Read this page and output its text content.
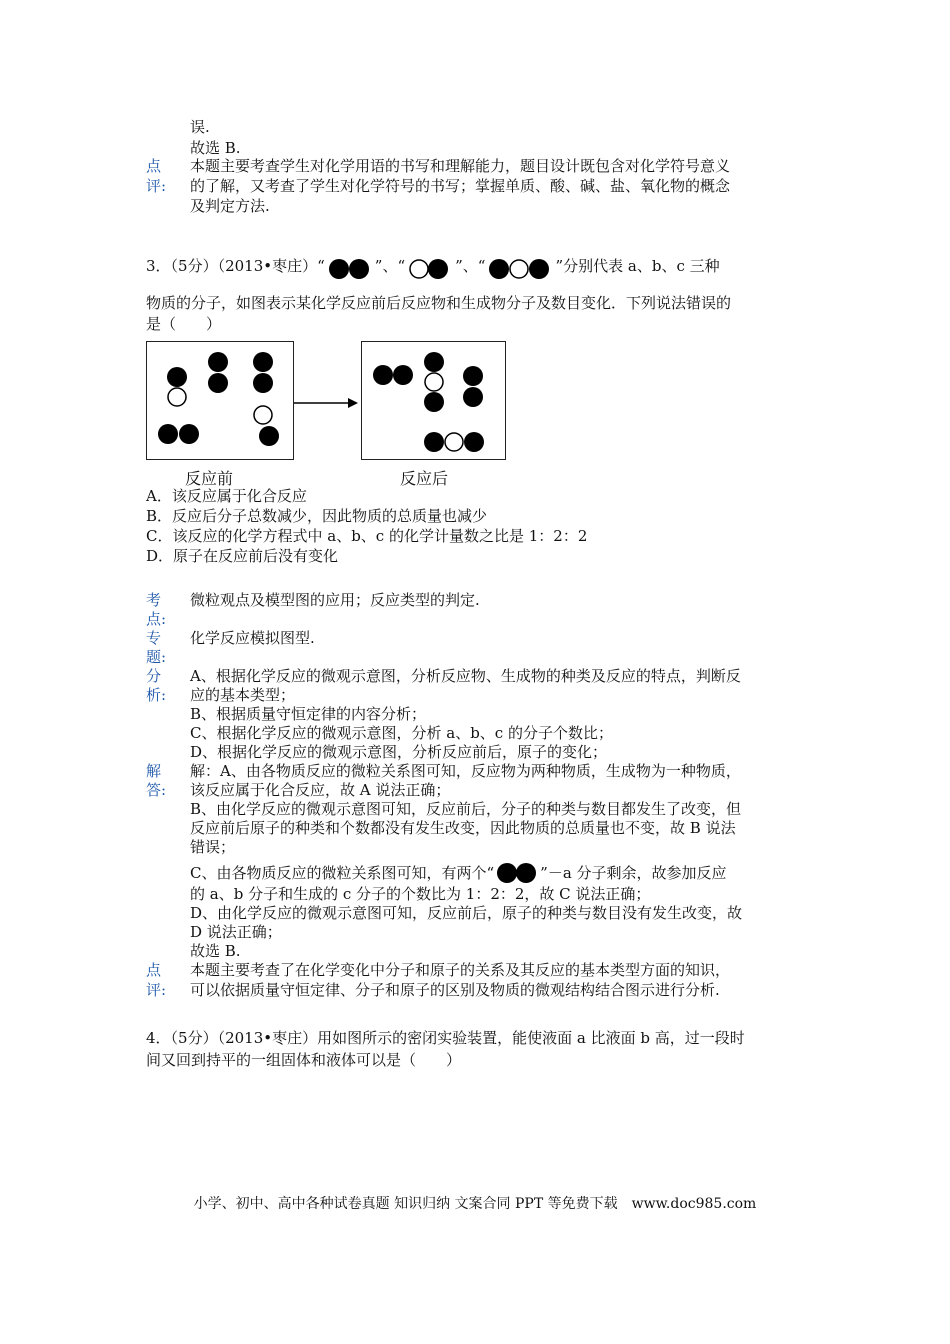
误.
故选 B.
点
评:
本题主要考查学生对化学用语的书写和理解能力，题目设计既包含对化学符号意义
的了解，又考查了学生对化学符号的书写；掌握单质、酸、碱、盐、氧化物的概念
及判定方法.
3．（5分）（2013•枣庄）“	”、“	”、“	”分别代表 a、b、c 三种
物质的分子，如图表示某化学反应前后反应物和生成物分子及数目变化．下列说法错误的
是（　　）
反应前	反应后
A．该反应属于化合反应
B．反应后分子总数减少，因此物质的总质量也减少
C．该反应的化学方程式中 a、b、c 的化学计量数之比是 1：2：2
D．原子在反应前后没有变化
考
点:
微粒观点及模型图的应用；反应类型的判定.
专
题:
化学反应模拟图型.
分
析:
A、根据化学反应的微观示意图，分析反应物、生成物的种类及反应的特点，判断反
应的基本类型；
B、根据质量守恒定律的内容分析；
C、根据化学反应的微观示意图，分析 a、b、c 的分子个数比；
D、根据化学反应的微观示意图，分析反应前后，原子的变化；
解
答:
解：A、由各物质反应的微粒关系图可知，反应物为两种物质，生成物为一种物质，
该反应属于化合反应，故 A 说法正确；
B、由化学反应的微观示意图可知，反应前后，分子的种类与数目都发生了改变，但
反应前后原子的种类和个数都没有发生改变，因此物质的总质量也不变，故 B 说法
错误；
C、由各物质反应的微粒关系图可知，有两个“	”－a 分子剩余，故参加反应
的 a、b 分子和生成的 c 分子的个数比为 1：2：2，故 C 说法正确；
D、由化学反应的微观示意图可知，反应前后，原子的种类与数目没有发生改变，故
D 说法正确；
故选 B.
点
评:
本题主要考查了在化学变化中分子和原子的关系及其反应的基本类型方面的知识，
可以依据质量守恒定律、分子和原子的区别及物质的微观结构结合图示进行分析.
4．（5分）（2013•枣庄）用如图所示的密闭实验装置，能使液面 a 比液面 b 高，过一段时
间又回到持平的一组固体和液体可以是（　　）
小学、初中、高中各种试卷真题 知识归纳 文案合同 PPT 等免费下载　www.doc985.com
